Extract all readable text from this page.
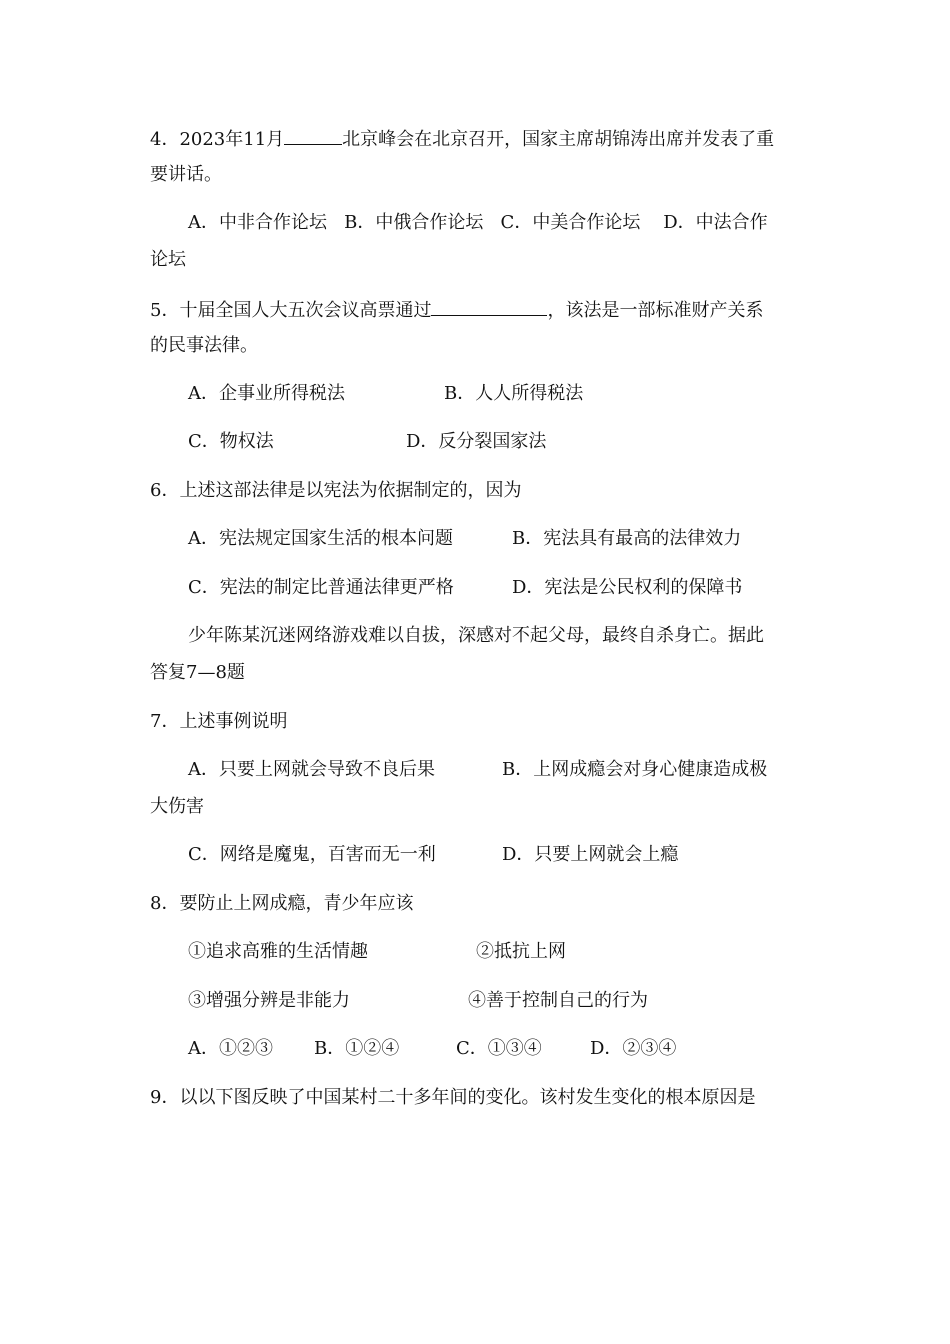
4．2023年11月	北京峰会在北京召开，国家主席胡锦涛出席并发表了重
要讲话。
A．中非合作论坛   B．中俄合作论坛   C．中美合作论坛    D．中法合作
论坛
5．十届全国人大五次会议高票通过	，该法是一部标准财产关系
的民事法律。
A．企事业所得税法	B．人人所得税法
C．物权法	D．反分裂国家法
6．上述这部法律是以宪法为依据制定的，因为
A．宪法规定国家生活的根本问题	B．宪法具有最高的法律效力
C．宪法的制定比普通法律更严格	D．宪法是公民权利的保障书
少年陈某沉迷网络游戏难以自拔，深感对不起父母，最终自杀身亡。据此
答复7—8题
7．上述事例说明
A．只要上网就会导致不良后果	B．上网成瘾会对身心健康造成极
大伤害
C．网络是魔鬼，百害而无一利	D．只要上网就会上瘾
8．要防止上网成瘾，青少年应该
①追求高雅的生活情趣	②抵抗上网
③增强分辨是非能力	④善于控制自己的行为
A．①②③ B．①②④	C．①③④	D．②③④
9．以以下图反映了中国某村二十多年间的变化。该村发生变化的根本原因是
